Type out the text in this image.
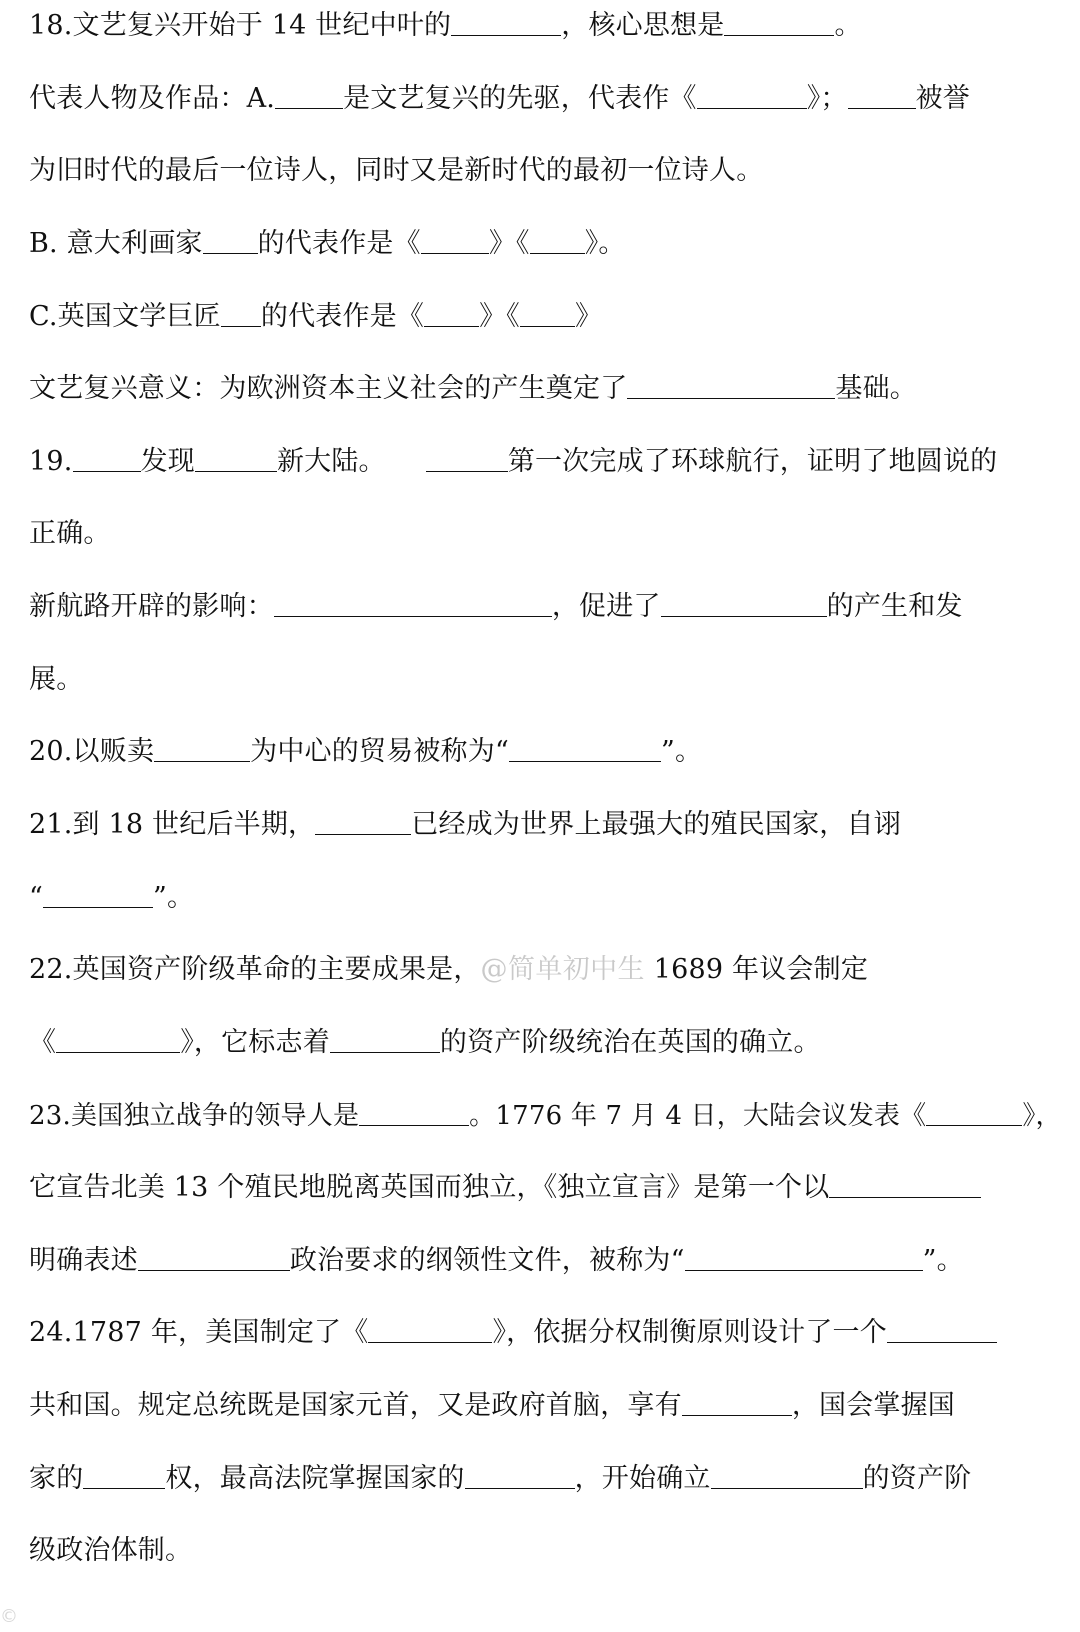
18.文艺复兴开始于 14 世纪中叶的	，核心思想是	。
代表人物及作品：A.	是文艺复兴的先驱，代表作《	》；	被誉
为旧时代的最后一位诗人，同时又是新时代的最初一位诗人。
B. 意大利画家 的代表作是《	》《 》。
C.英国文学巨匠 的代表作是《 》《 》
文艺复兴意义：为欧洲资本主义社会的产生奠定了	基础。
19.	发现	新大陆。	第一次完成了环球航行，证明了地圆说的
正确。
新航路开辟的影响：	，促进了	的产生和发
展。
20.以贩卖	为中心的贸易被称为“	”。
21.到 18 世纪后半期，	已经成为世界上最强大的殖民国家，自诩
“	”。
22.英国资产阶级革命的主要成果是，@简单初中生 1689 年议会制定
《	》，它标志着	的资产阶级统治在英国的确立。
23.美国独立战争的领导人是	。1776 年 7 月 4 日，大陆会议发表《	》，
它宣告北美 13 个殖民地脱离英国而独立，《独立宣言》是第一个以
明确表述	政治要求的纲领性文件，被称为“	”。
24.1787 年，美国制定了《	》，依据分权制衡原则设计了一个
共和国。规定总统既是国家元首，又是政府首脑，享有	，国会掌握国
家的	权，最高法院掌握国家的	，开始确立	的资产阶
级政治体制。
©
